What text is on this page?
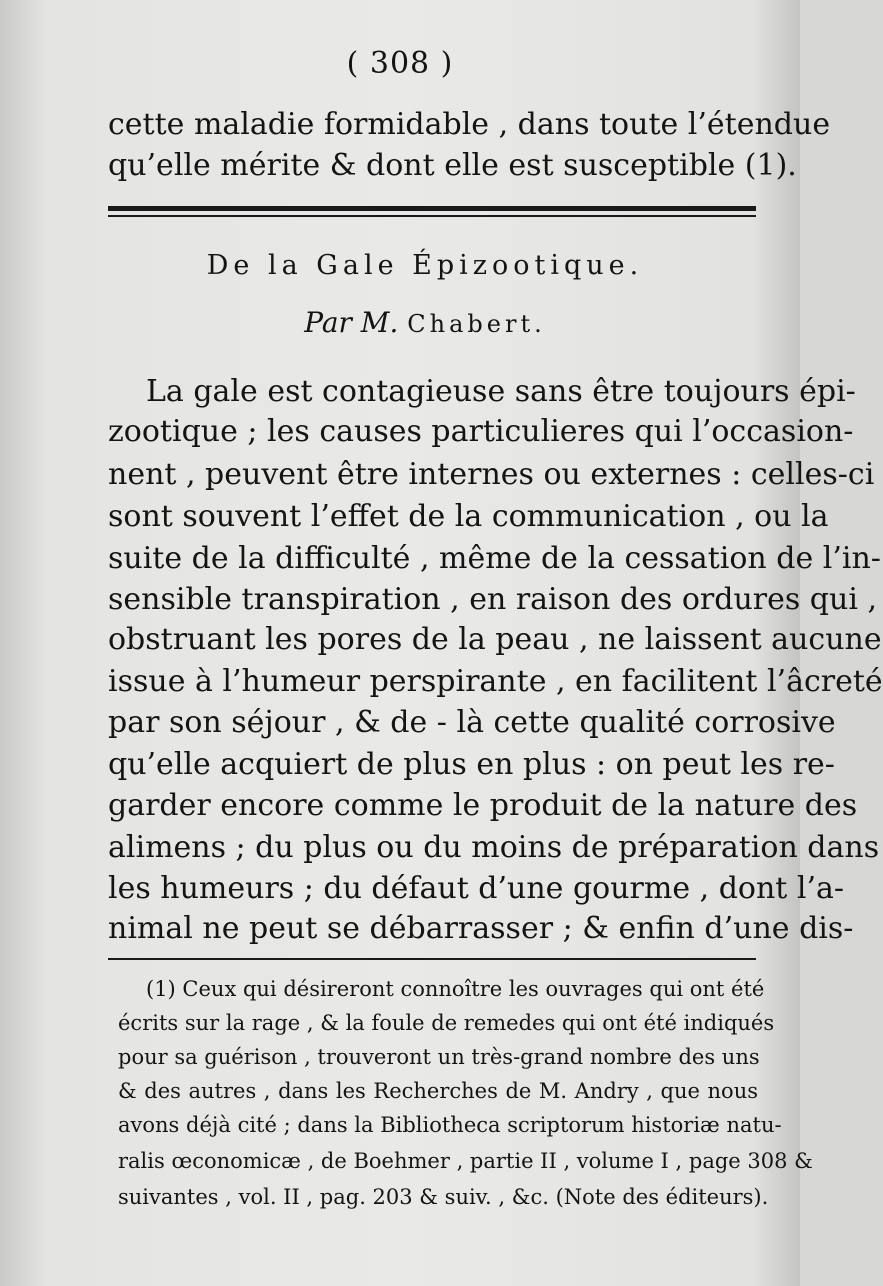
( 308 )
cette maladie formidable , dans toute l’étendue
qu’elle mérite & dont elle est susceptible (1).
De la Gale Épizootique.
Par M. Chabert.
La gale est contagieuse sans être toujours épi-
zootique ; les causes particulieres qui l’occasion-
nent , peuvent être internes ou externes : celles-ci
sont souvent l’effet de la communication , ou la
suite de la difficulté , même de la cessation de l’in-
sensible transpiration , en raison des ordures qui ,
obstruant les pores de la peau , ne laissent aucune
issue à l’humeur perspirante , en facilitent l’âcreté
par son séjour , & de - là cette qualité corrosive
qu’elle acquiert de plus en plus : on peut les re-
garder encore comme le produit de la nature des
alimens ; du plus ou du moins de préparation dans
les humeurs ; du défaut d’une gourme , dont l’a-
nimal ne peut se débarrasser ; & enfin d’une dis-
(1) Ceux qui désireront connoître les ouvrages qui ont été
écrits sur la rage , & la foule de remedes qui ont été indiqués
pour sa guérison , trouveront un très-grand nombre des uns
& des autres , dans les Recherches de M. Andry , que nous
avons déjà cité ; dans la Bibliotheca scriptorum historiæ natu-
ralis œconomicæ , de Boehmer , partie II , volume I , page 308 &
suivantes , vol. II , pag. 203 & suiv. , &c. (Note des éditeurs).
